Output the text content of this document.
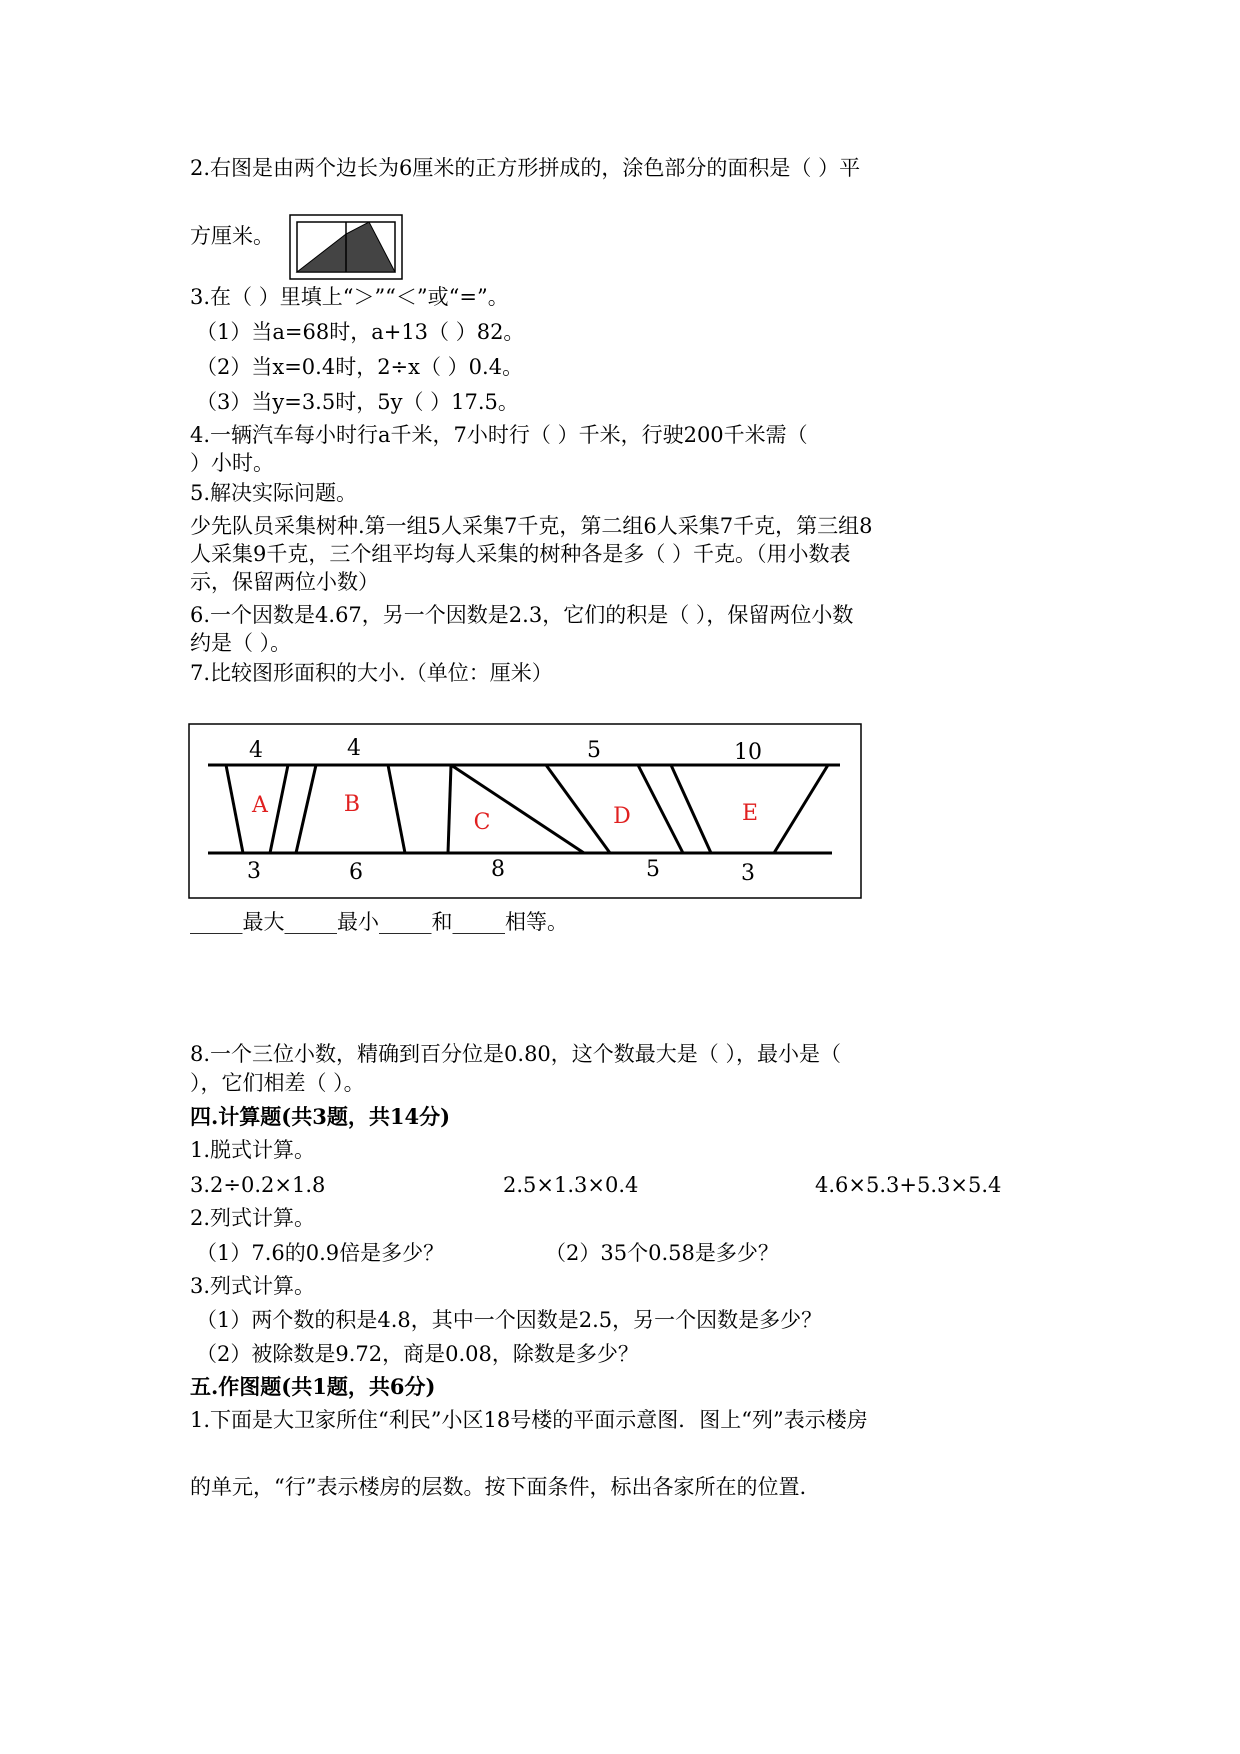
2.右图是由两个边长为6厘米的正方形拼成的，涂色部分的面积是（ ）平
方厘米。
3.在（ ）里填上“＞”“＜”或“=”。
（1）当a=68时，a+13（ ）82。
（2）当x=0.4时，2÷x（ ）0.4。
（3）当y=3.5时，5y（ ）17.5。
4.一辆汽车每小时行a千米，7小时行（ ）千米，行驶200千米需（
）小时。
5.解决实际问题。
少先队员采集树种.第一组5人采集7千克，第二组6人采集7千克，第三组8
人采集9千克，三个组平均每人采集的树种各是多（ ）千克。（用小数表
示，保留两位小数）
6.一个因数是4.67，另一个因数是2.3，它们的积是（ ），保留两位小数
约是（ ）。
7.比较图形面积的大小.（单位：厘米）
4	4	5	10
3	6	8	5	3
A	B
C	D	E
_____最大_____最小_____和_____相等。
8.一个三位小数，精确到百分位是0.80，这个数最大是（ ），最小是（
），它们相差（ ）。
四.计算题(共3题，共14分)
1.脱式计算。
3.2÷0.2×1.8	2.5×1.3×0.4	4.6×5.3+5.3×5.4
2.列式计算。
（1）7.6的0.9倍是多少？	（2）35个0.58是多少？
3.列式计算。
（1）两个数的积是4.8，其中一个因数是2.5，另一个因数是多少？
（2）被除数是9.72，商是0.08，除数是多少？
五.作图题(共1题，共6分)
1.下面是大卫家所住“利民”小区18号楼的平面示意图．图上“列”表示楼房
的单元，“行”表示楼房的层数。按下面条件，标出各家所在的位置.
